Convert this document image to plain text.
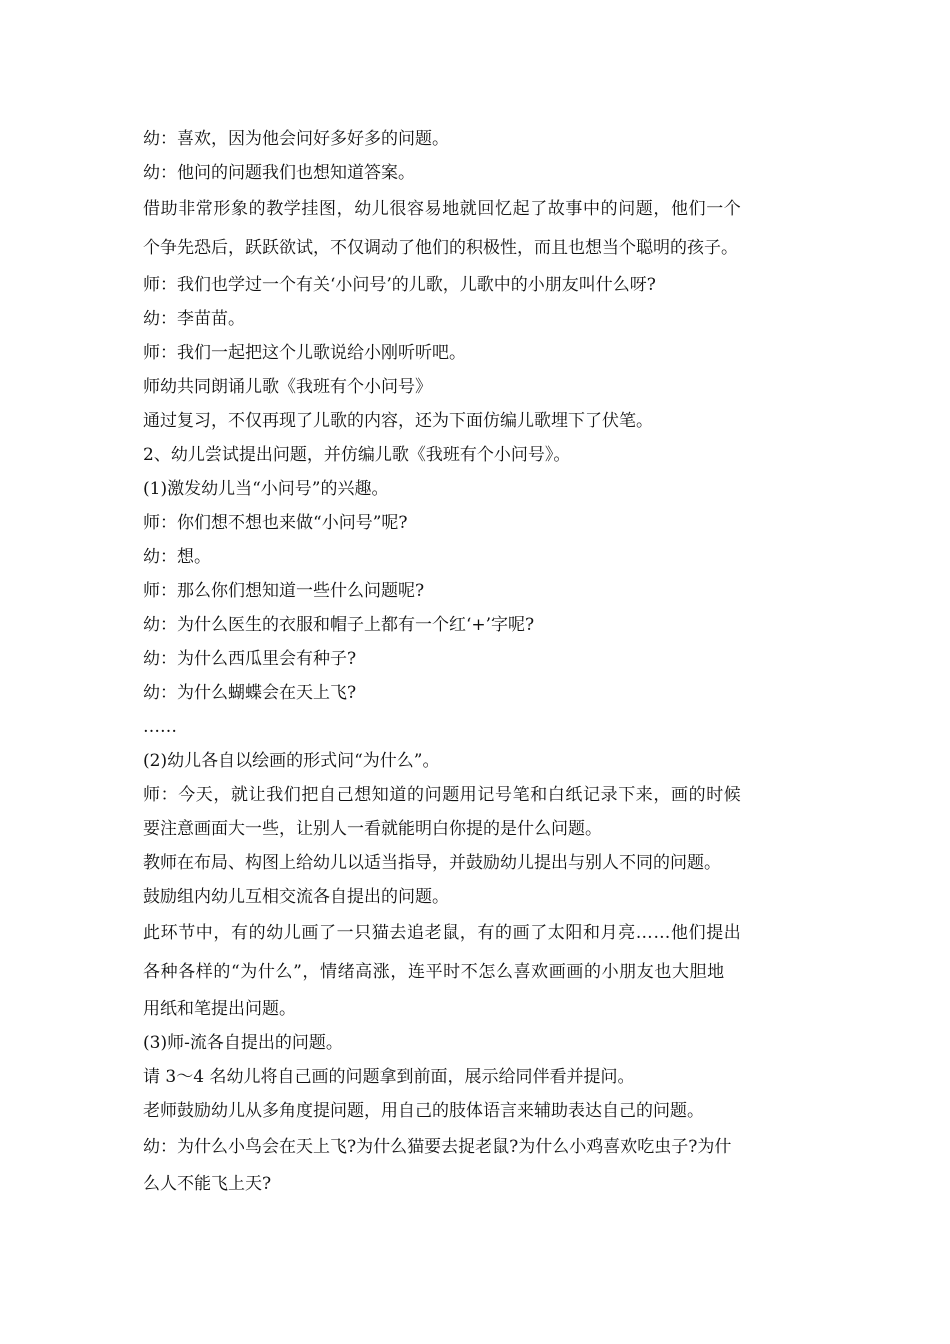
幼：喜欢，因为他会问好多好多的问题。
幼：他问的问题我们也想知道答案。
借助非常形象的教学挂图，幼儿很容易地就回忆起了故事中的问题，他们一个
个争先恐后，跃跃欲试，不仅调动了他们的积极性，而且也想当个聪明的孩子。
师：我们也学过一个有关‘小问号’的儿歌，儿歌中的小朋友叫什么呀?
幼：李苗苗。
师：我们一起把这个儿歌说给小刚听听吧。
师幼共同朗诵儿歌《我班有个小问号》
通过复习，不仅再现了儿歌的内容，还为下面仿编儿歌埋下了伏笔。
2、幼儿尝试提出问题，并仿编儿歌《我班有个小问号》。
(1)激发幼儿当“小问号”的兴趣。
师：你们想不想也来做“小问号”呢?
幼：想。
师：那么你们想知道一些什么问题呢?
幼：为什么医生的衣服和帽子上都有一个红‘+’字呢?
幼：为什么西瓜里会有种子?
幼：为什么蝴蝶会在天上飞?
……
(2)幼儿各自以绘画的形式问“为什么”。
师：今天，就让我们把自己想知道的问题用记号笔和白纸记录下来，画的时候
要注意画面大一些，让别人一看就能明白你提的是什么问题。
教师在布局、构图上给幼儿以适当指导，并鼓励幼儿提出与别人不同的问题。
鼓励组内幼儿互相交流各自提出的问题。
此环节中，有的幼儿画了一只猫去追老鼠，有的画了太阳和月亮……他们提出
各种各样的“为什么”，情绪高涨，连平时不怎么喜欢画画的小朋友也大胆地
用纸和笔提出问题。
(3)师-流各自提出的问题。
请 3～4 名幼儿将自己画的问题拿到前面，展示给同伴看并提问。
老师鼓励幼儿从多角度提问题，用自己的肢体语言来辅助表达自己的问题。
幼：为什么小鸟会在天上飞?为什么猫要去捉老鼠?为什么小鸡喜欢吃虫子?为什
么人不能飞上天?
